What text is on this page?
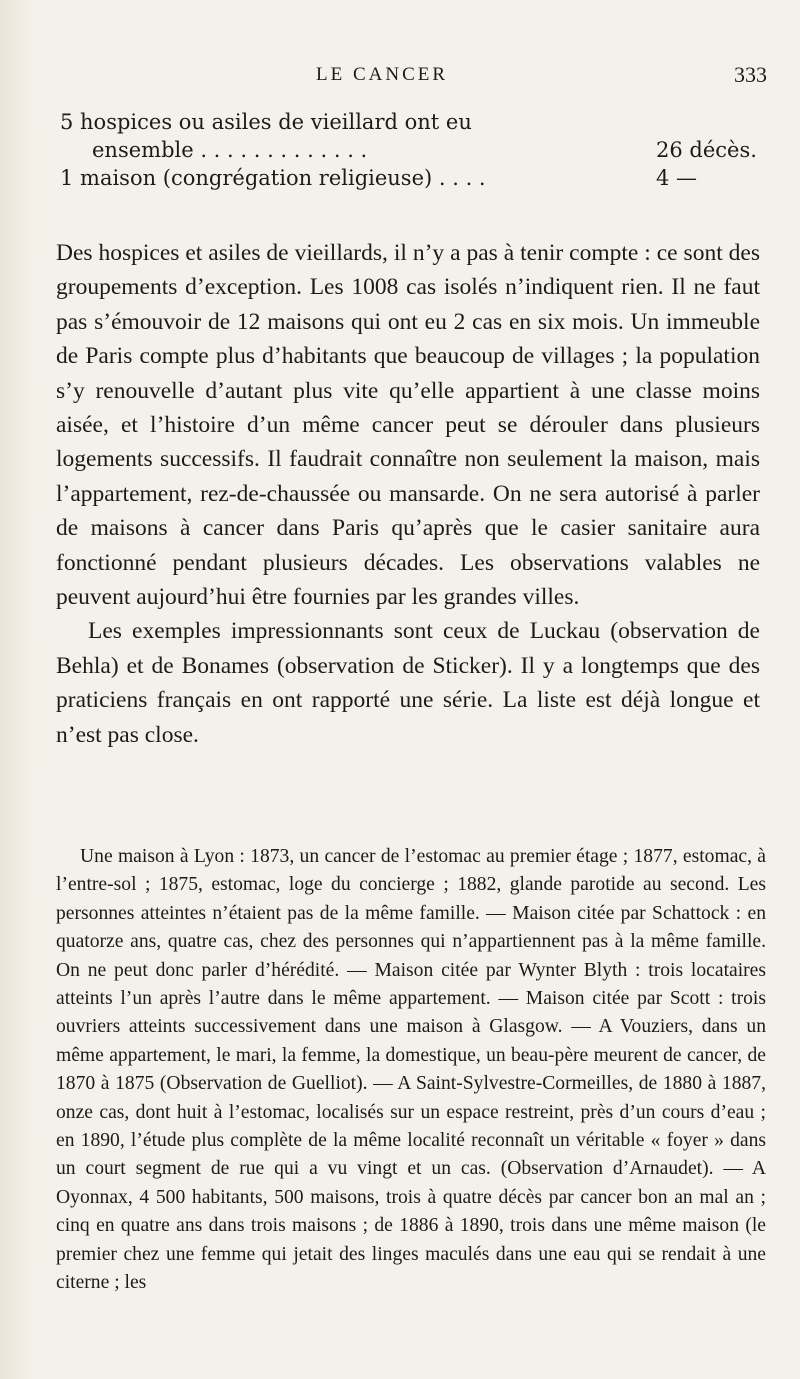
LE CANCER	333
5 hospices ou asiles de vieillard ont eu
ensemble . . . . . . . . . . . . .	26 décès.
1 maison (congrégation religieuse) . . . .	4 —

Des hospices et asiles de vieillards, il n’y a pas à tenir compte : ce sont des groupements d’exception. Les 1008 cas isolés n’indiquent rien. Il ne faut pas s’émouvoir de 12 maisons qui ont eu 2 cas en six mois. Un immeuble de Paris compte plus d’habitants que beaucoup de villages ; la population s’y renouvelle d’autant plus vite qu’elle appartient à une classe moins aisée, et l’histoire d’un même cancer peut se dérouler dans plusieurs logements successifs. Il faudrait connaître non seulement la maison, mais l’appartement, rez-de-chaussée ou mansarde. On ne sera autorisé à parler de maisons à cancer dans Paris qu’après que le casier sanitaire aura fonctionné pendant plusieurs décades. Les observations valables ne peuvent aujourd’hui être fournies par les grandes villes.

Les exemples impressionnants sont ceux de Luckau (observation de Behla) et de Bonames (observation de Sticker). Il y a longtemps que des praticiens français en ont rapporté une série. La liste est déjà longue et n’est pas close.

Une maison à Lyon : 1873, un cancer de l’estomac au premier étage ; 1877, estomac, à l’entre-sol ; 1875, estomac, loge du concierge ; 1882, glande parotide au second. Les personnes atteintes n’étaient pas de la même famille. — Maison citée par Schattock : en quatorze ans, quatre cas, chez des personnes qui n’appartiennent pas à la même famille. On ne peut donc parler d’hérédité. — Maison citée par Wynter Blyth : trois locataires atteints l’un après l’autre dans le même appartement. — Maison citée par Scott : trois ouvriers atteints successivement dans une maison à Glasgow. — A Vouziers, dans un même appartement, le mari, la femme, la domestique, un beau-père meurent de cancer, de 1870 à 1875 (Observation de Guelliot). — A Saint-Sylvestre-Cormeilles, de 1880 à 1887, onze cas, dont huit à l’estomac, localisés sur un espace restreint, près d’un cours d’eau ; en 1890, l’étude plus complète de la même localité reconnaît un véritable « foyer » dans un court segment de rue qui a vu vingt et un cas. (Observation d’Arnaudet). — A Oyonnax, 4 500 habitants, 500 maisons, trois à quatre décès par cancer bon an mal an ; cinq en quatre ans dans trois maisons ; de 1886 à 1890, trois dans une même maison (le premier chez une femme qui jetait des linges maculés dans une eau qui se rendait à une citerne ; les
